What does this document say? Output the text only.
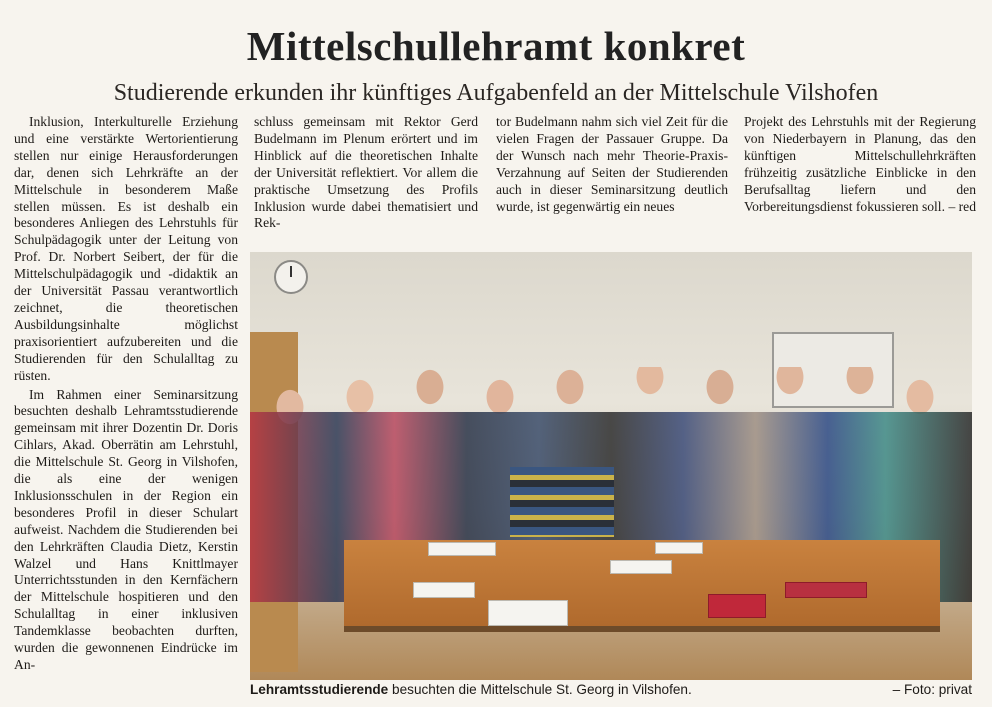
Mittelschullehramt konkret
Studierende erkunden ihr künftiges Aufgabenfeld an der Mittelschule Vilshofen

Inklusion, Interkulturelle Erziehung und eine verstärkte Wertorientierung stellen nur einige Herausforderungen dar, denen sich Lehrkräfte an der Mittelschule in besonderem Maße stellen müssen. Es ist deshalb ein besonderes Anliegen des Lehrstuhls für Schulpädagogik unter der Leitung von Prof. Dr. Norbert Seibert, der für die Mittelschulpädagogik und -didaktik an der Universität Passau verantwortlich zeichnet, die theoretischen Ausbildungsinhalte möglichst praxisorientiert aufzubereiten und die Studierenden für den Schulalltag zu rüsten.

Im Rahmen einer Seminarsitzung besuchten deshalb Lehramtsstudierende gemeinsam mit ihrer Dozentin Dr. Doris Cihlars, Akad. Oberrätin am Lehrstuhl, die Mittelschule St. Georg in Vilshofen, die als eine der wenigen Inklusionsschulen in der Region ein besonderes Profil in dieser Schulart aufweist. Nachdem die Studierenden bei den Lehrkräften Claudia Dietz, Kerstin Walzel und Hans Knittlmayer Unterrichtsstunden in den Kernfächern der Mittelschule hospitieren und den Schulalltag in einer inklusiven Tandemklasse beobachten durften, wurden die gewonnenen Eindrücke im An-

schluss gemeinsam mit Rektor Gerd Budelmann im Plenum erörtert und im Hinblick auf die theoretischen Inhalte der Universität reflektiert. Vor allem die praktische Umsetzung des Profils Inklusion wurde dabei thematisiert und Rek-

tor Budelmann nahm sich viel Zeit für die vielen Fragen der Passauer Gruppe. Da der Wunsch nach mehr Theorie-Praxis-Verzahnung auf Seiten der Studierenden auch in dieser Seminarsitzung deutlich wurde, ist gegenwärtig ein neues

Projekt des Lehrstuhls mit der Regierung von Niederbayern in Planung, das den künftigen Mittelschullehrkräften frühzeitig zusätzliche Einblicke in den Berufsalltag liefern und den Vorbereitungsdienst fokussieren soll. – red

Lehramtsstudierende besuchten die Mittelschule St. Georg in Vilshofen.	– Foto: privat
